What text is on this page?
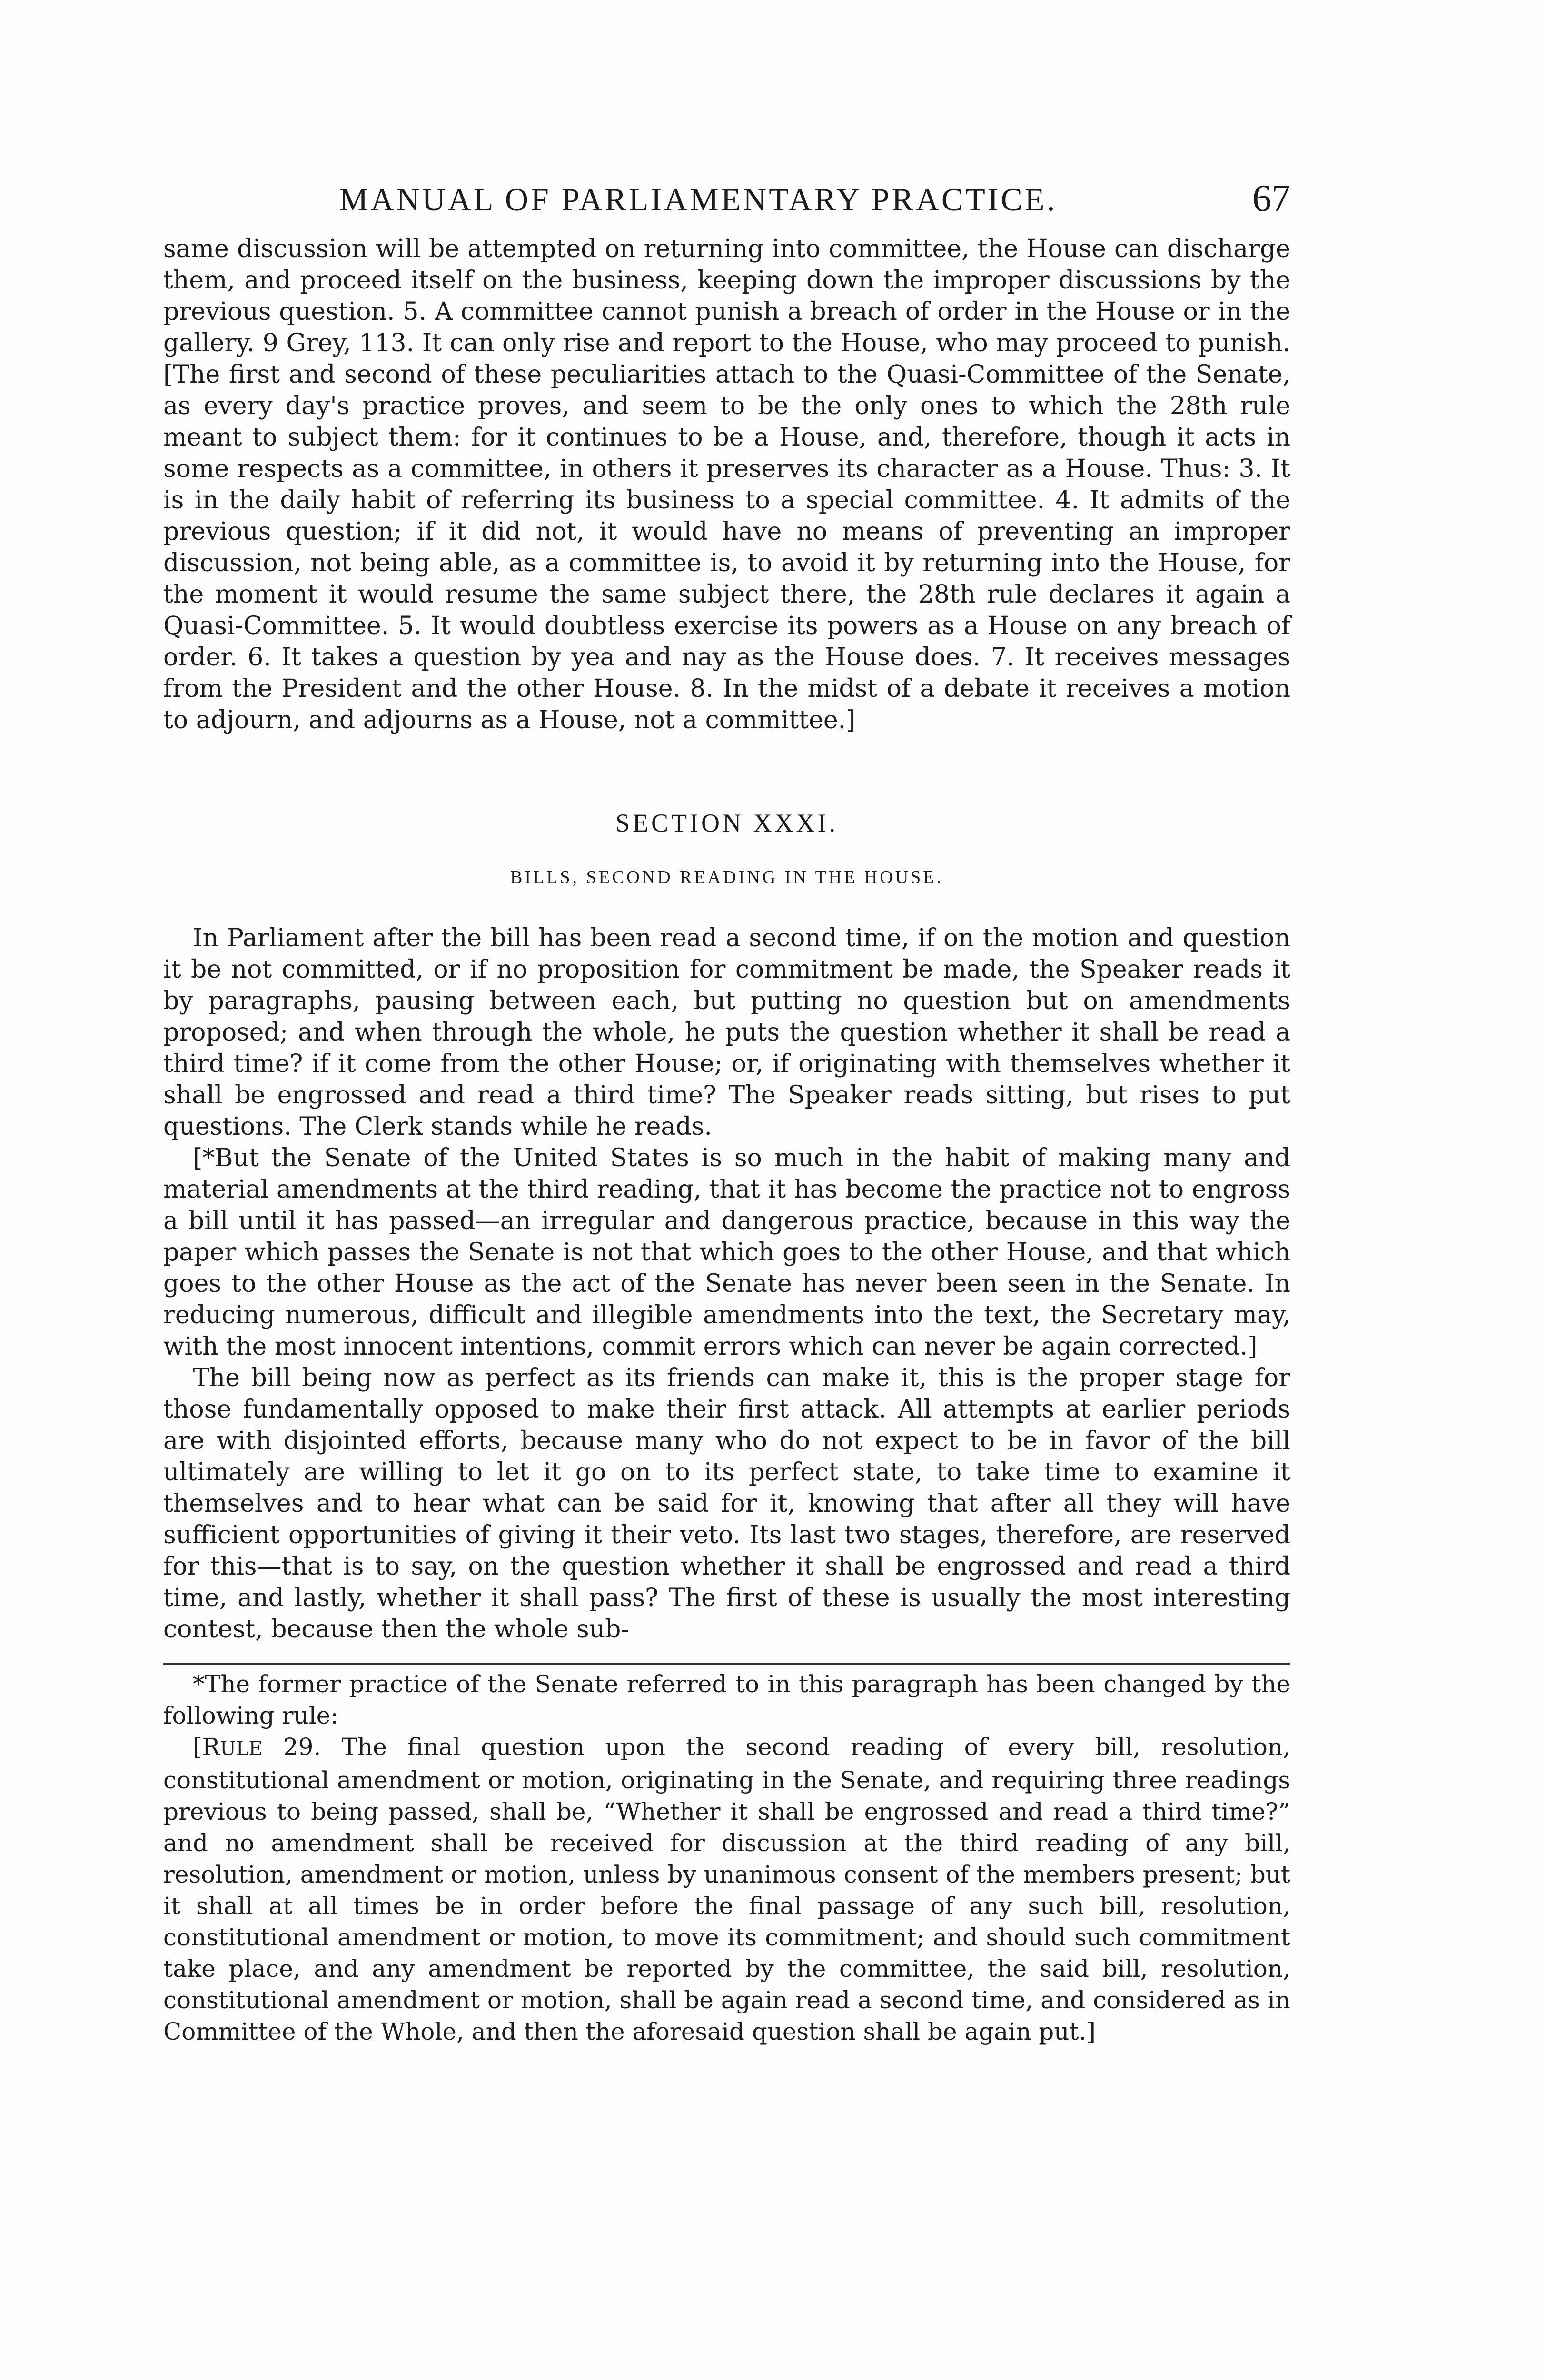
MANUAL OF PARLIAMENTARY PRACTICE.	67

same discussion will be attempted on returning into committee, the House can discharge them, and proceed itself on the business, keeping down the improper discussions by the previous question. 5. A committee cannot punish a breach of order in the House or in the gallery. 9 Grey, 113. It can only rise and report to the House, who may proceed to punish. [The first and second of these peculiarities attach to the Quasi-Committee of the Senate, as every day's practice proves, and seem to be the only ones to which the 28th rule meant to subject them: for it continues to be a House, and, therefore, though it acts in some respects as a committee, in others it preserves its character as a House. Thus: 3. It is in the daily habit of referring its business to a special committee. 4. It admits of the previous question; if it did not, it would have no means of preventing an improper discussion, not being able, as a committee is, to avoid it by returning into the House, for the moment it would resume the same subject there, the 28th rule declares it again a Quasi-Committee. 5. It would doubtless exercise its powers as a House on any breach of order. 6. It takes a question by yea and nay as the House does. 7. It receives messages from the President and the other House. 8. In the midst of a debate it receives a motion to adjourn, and adjourns as a House, not a committee.]

SECTION XXXI.
BILLS, SECOND READING IN THE HOUSE.

In Parliament after the bill has been read a second time, if on the motion and question it be not committed, or if no proposition for commitment be made, the Speaker reads it by paragraphs, pausing between each, but putting no question but on amendments proposed; and when through the whole, he puts the question whether it shall be read a third time? if it come from the other House; or, if originating with themselves whether it shall be engrossed and read a third time? The Speaker reads sitting, but rises to put questions. The Clerk stands while he reads.

[*But the Senate of the United States is so much in the habit of making many and material amendments at the third reading, that it has become the practice not to engross a bill until it has passed—an irregular and dangerous practice, because in this way the paper which passes the Senate is not that which goes to the other House, and that which goes to the other House as the act of the Senate has never been seen in the Senate. In reducing numerous, difficult and illegible amendments into the text, the Secretary may, with the most innocent intentions, commit errors which can never be again corrected.]

The bill being now as perfect as its friends can make it, this is the proper stage for those fundamentally opposed to make their first attack. All attempts at earlier periods are with disjointed efforts, because many who do not expect to be in favor of the bill ultimately are willing to let it go on to its perfect state, to take time to examine it themselves and to hear what can be said for it, knowing that after all they will have sufficient opportunities of giving it their veto. Its last two stages, therefore, are reserved for this—that is to say, on the question whether it shall be engrossed and read a third time, and lastly, whether it shall pass? The first of these is usually the most interesting contest, because then the whole sub-

*The former practice of the Senate referred to in this paragraph has been changed by the following rule:

[RULE 29. The final question upon the second reading of every bill, resolution, constitutional amendment or motion, originating in the Senate, and requiring three readings previous to being passed, shall be, “Whether it shall be engrossed and read a third time?” and no amendment shall be received for discussion at the third reading of any bill, resolution, amendment or motion, unless by unanimous consent of the members present; but it shall at all times be in order before the final passage of any such bill, resolution, constitutional amendment or motion, to move its commitment; and should such commitment take place, and any amendment be reported by the committee, the said bill, resolution, constitutional amendment or motion, shall be again read a second time, and considered as in Committee of the Whole, and then the aforesaid question shall be again put.]
